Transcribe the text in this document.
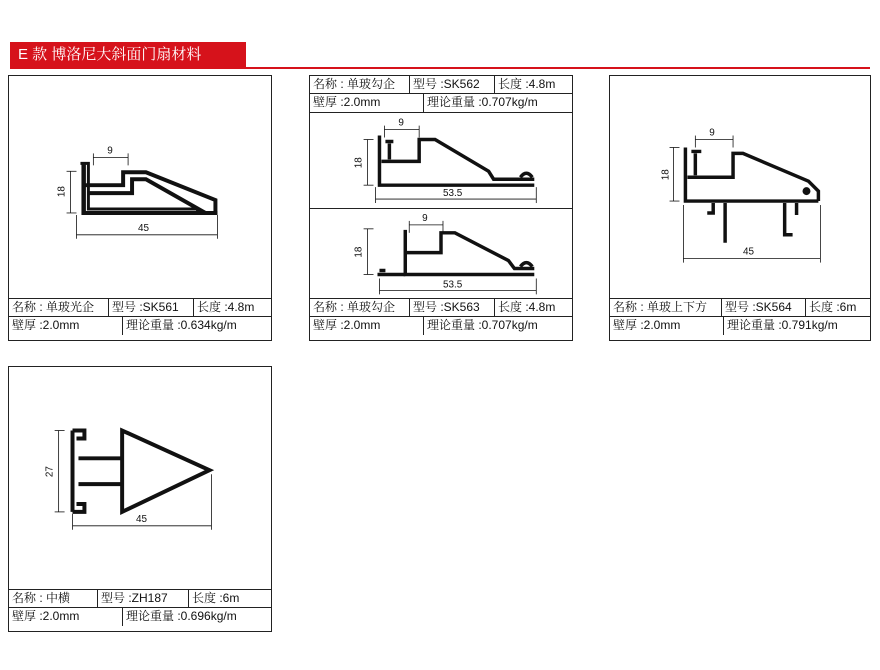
E 款 博洛尼大斜面门扇材料
9
18
45
名称 : 单玻光企	型号 :SK561	长度 :4.8m
壁厚 :2.0mm	理论重量 :0.634kg/m
名称 : 单玻勾企	型号 :SK562	长度 :4.8m
壁厚 :2.0mm	理论重量 :0.707kg/m
9
18
53.5
9
18
53.5
名称 : 单玻勾企	型号 :SK563	长度 :4.8m
壁厚 :2.0mm	理论重量 :0.707kg/m
9
18
45
名称 : 单玻上下方	型号 :SK564	长度 :6m
壁厚 :2.0mm	理论重量 :0.791kg/m
27
45
名称 : 中横	型号 :ZH187	长度 :6m
壁厚 :2.0mm	理论重量 :0.696kg/m
